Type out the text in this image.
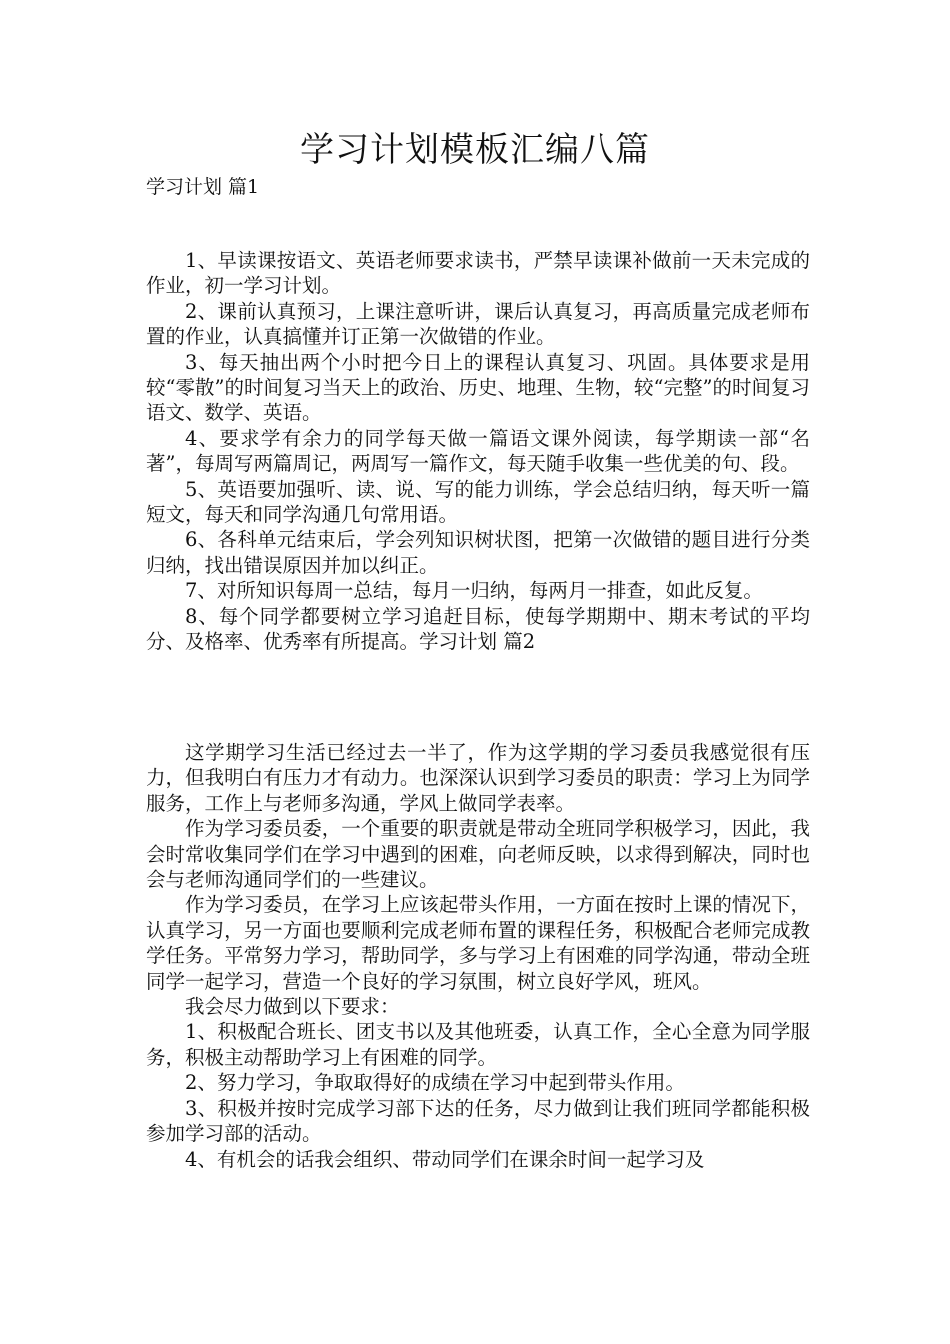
学习计划模板汇编八篇
学习计划 篇1

1、早读课按语文、英语老师要求读书，严禁早读课补做前一天未完成的作业，初一学习计划。

2、课前认真预习，上课注意听讲，课后认真复习，再高质量完成老师布置的作业，认真搞懂并订正第一次做错的作业。

3、每天抽出两个小时把今日上的课程认真复习、巩固。具体要求是用较“零散”的时间复习当天上的政治、历史、地理、生物，较“完整”的时间复习语文、数学、英语。

4、要求学有余力的同学每天做一篇语文课外阅读，每学期读一部“名著”，每周写两篇周记，两周写一篇作文，每天随手收集一些优美的句、段。

5、英语要加强听、读、说、写的能力训练，学会总结归纳，每天听一篇短文，每天和同学沟通几句常用语。

6、各科单元结束后，学会列知识树状图，把第一次做错的题目进行分类归纳，找出错误原因并加以纠正。

7、对所知识每周一总结，每月一归纳，每两月一排查，如此反复。

8、每个同学都要树立学习追赶目标，使每学期期中、期末考试的平均分、及格率、优秀率有所提高。学习计划 篇2

这学期学习生活已经过去一半了，作为这学期的学习委员我感觉很有压力，但我明白有压力才有动力。也深深认识到学习委员的职责：学习上为同学服务，工作上与老师多沟通，学风上做同学表率。

作为学习委员委，一个重要的职责就是带动全班同学积极学习，因此，我会时常收集同学们在学习中遇到的困难，向老师反映，以求得到解决，同时也会与老师沟通同学们的一些建议。

作为学习委员，在学习上应该起带头作用，一方面在按时上课的情况下，认真学习，另一方面也要顺利完成老师布置的课程任务，积极配合老师完成教学任务。平常努力学习，帮助同学，多与学习上有困难的同学沟通，带动全班同学一起学习，营造一个良好的学习氛围，树立良好学风，班风。

我会尽力做到以下要求：

1、积极配合班长、团支书以及其他班委，认真工作，全心全意为同学服务，积极主动帮助学习上有困难的同学。

2、努力学习，争取取得好的成绩在学习中起到带头作用。

3、积极并按时完成学习部下达的任务，尽力做到让我们班同学都能积极参加学习部的活动。

4、有机会的话我会组织、带动同学们在课余时间一起学习及
